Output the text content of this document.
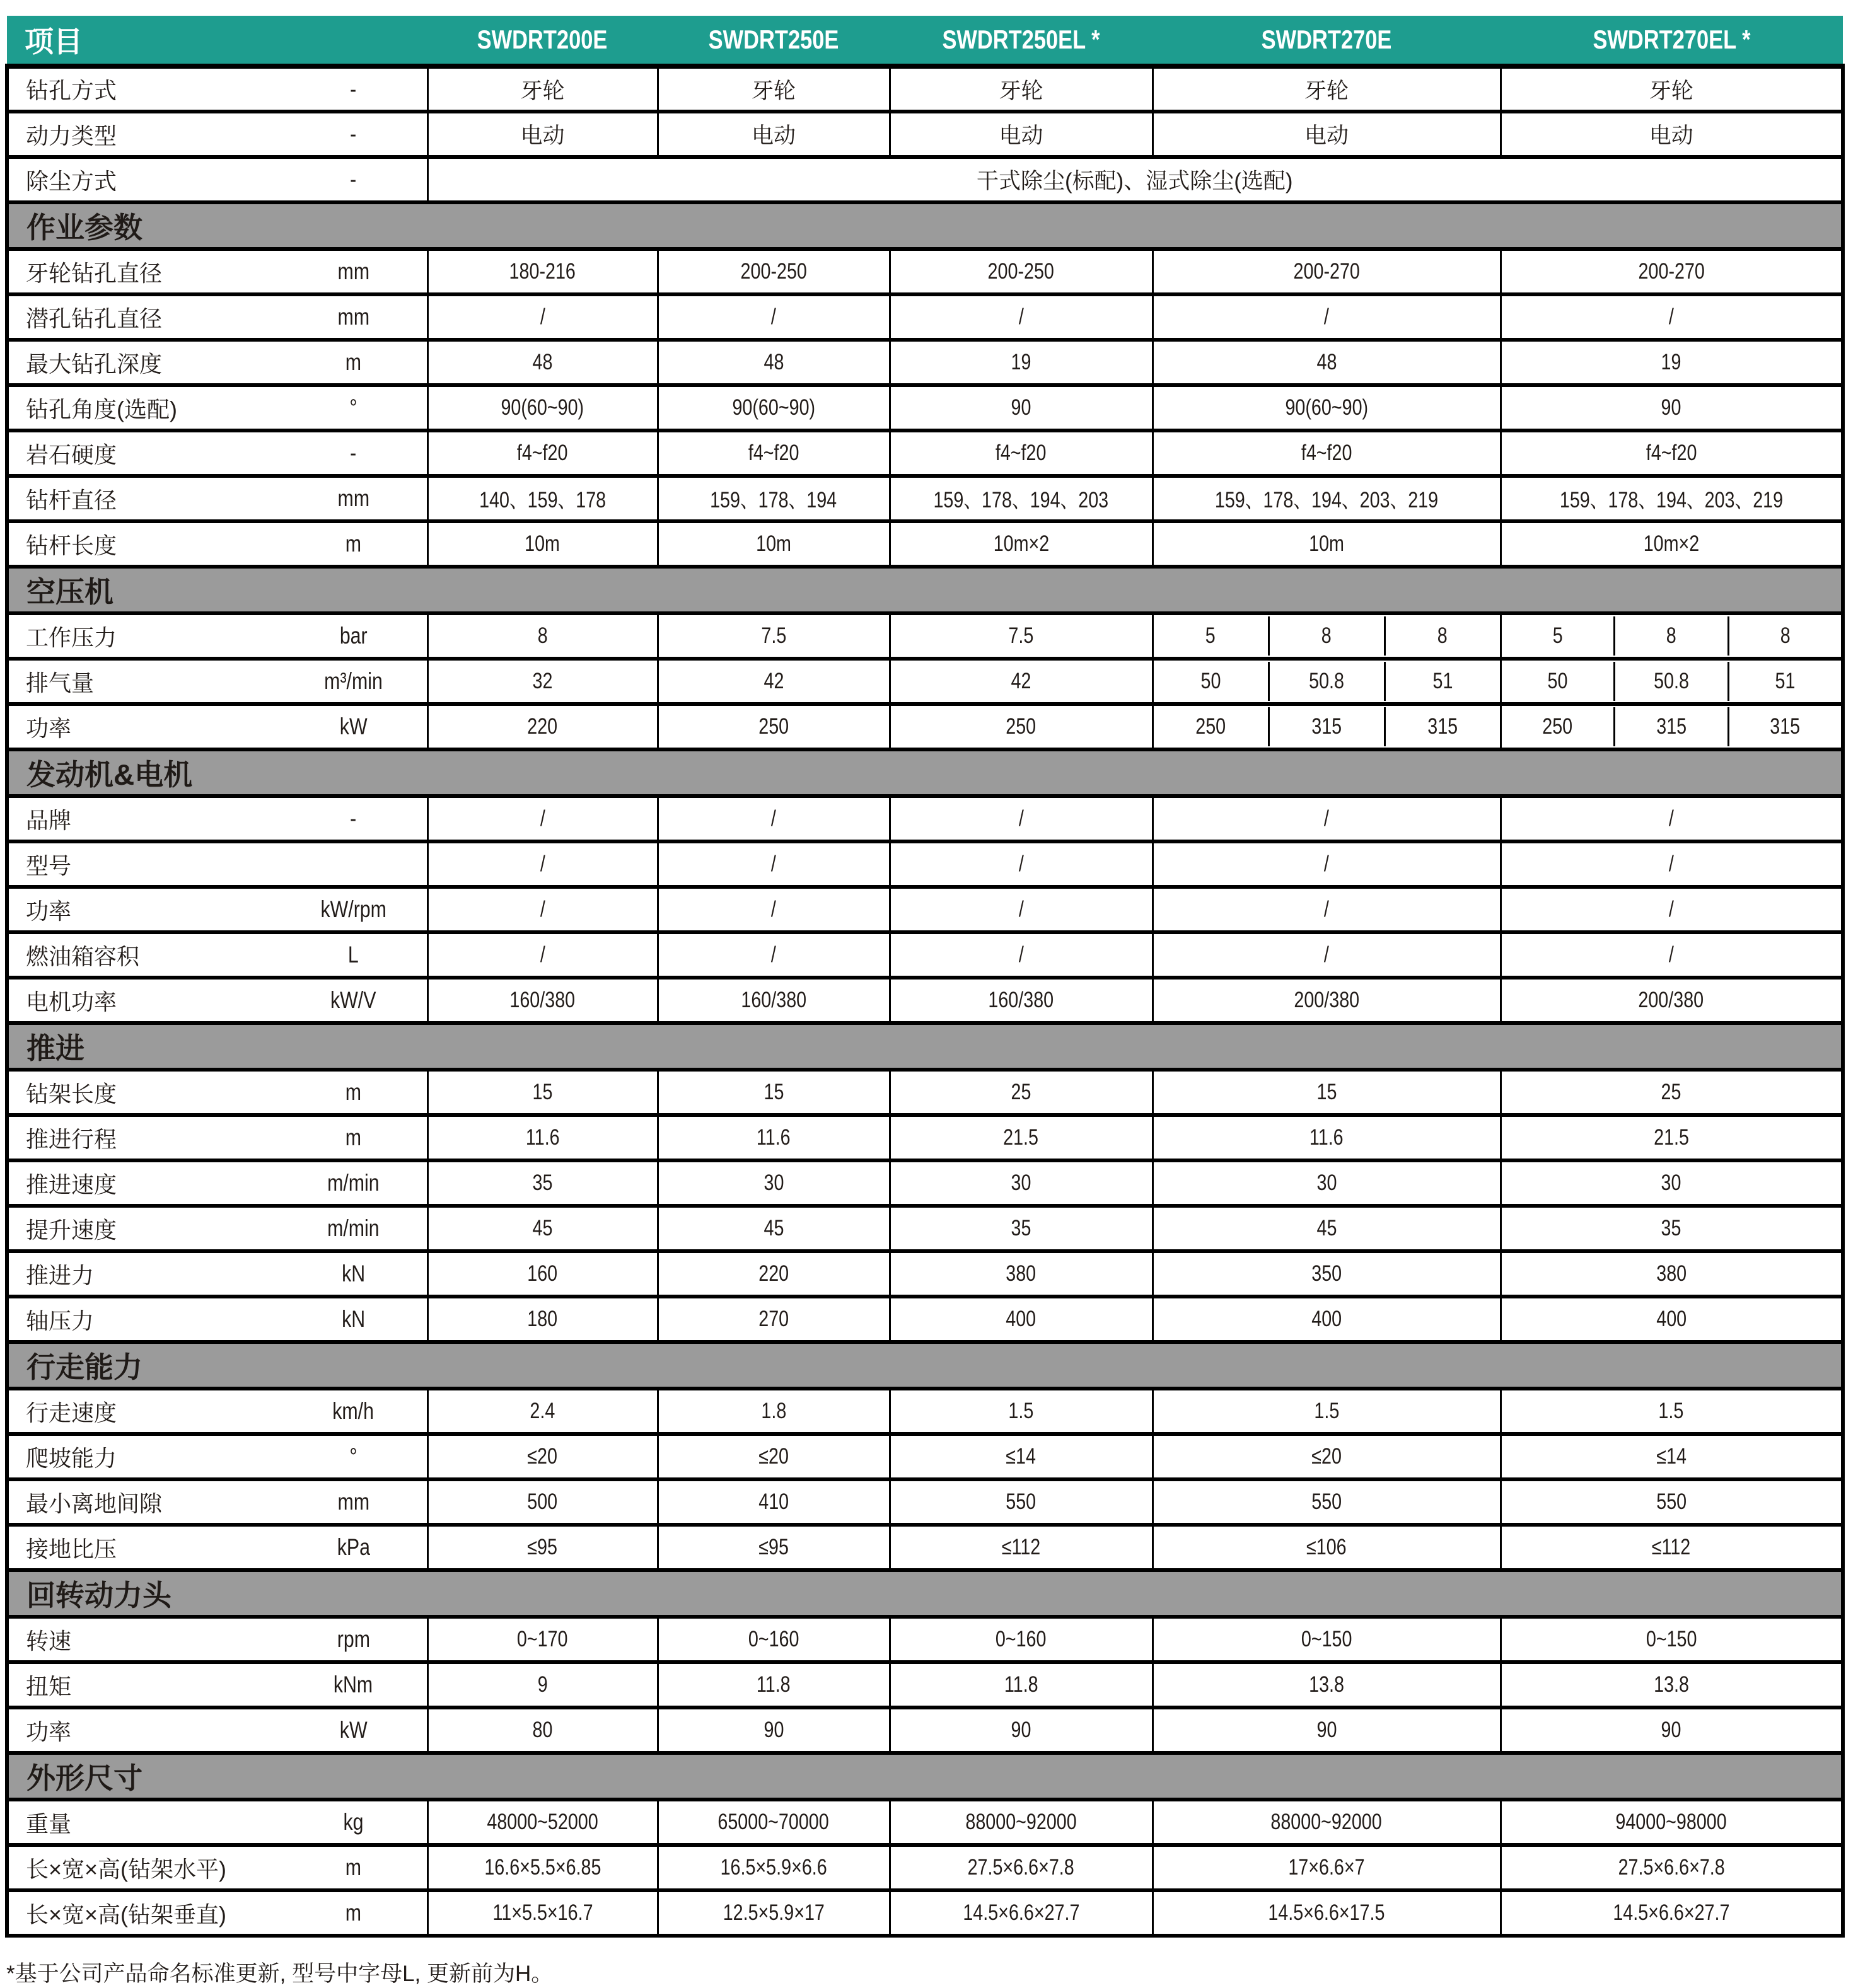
项目	SWDRT200E	SWDRT250E	SWDRT250EL *	SWDRT270E	SWDRT270EL *

钻孔方式 -	牙轮	牙轮	牙轮	牙轮	牙轮

动力类型 -	电动	电动	电动	电动	电动

除尘方式 -	干式除尘(标配)、湿式除尘(选配)				
作业参数					

牙轮钻孔直径 mm	180-216	200-250	200-250	200-270	200-270

潜孔钻孔直径 mm	/	/	/	/	/

最大钻孔深度 m	48	48	19	48	19

钻孔角度(选配) °	90(60~90)	90(60~90)	90	90(60~90)	90

岩石硬度 -	f4~f20	f4~f20	f4~f20	f4~f20	f4~f20

钻杆直径 mm	140、159、178	159、178、194	159、178、194、203	159、178、194、203、219	159、178、194、203、219

钻杆长度 m	10m	10m	10m×2	10m	10m×2
空压机					

工作压力	bar	8	7.5	7.5	5	8	8	5	8	8

排气量	m³/min	32	42	42	50	50.8	51	50	50.8	51

功率	kW	220	250	250	250	315	315	250	315	315

发动机&电机					

品牌 -	/	/	/	/	/

型号	/	/	/	/	/

功率 kW/rpm	/	/	/	/	/

燃油箱容积 L	/	/	/	/	/

电机功率 kW/V	160/380	160/380	160/380	200/380	200/380
推进					

钻架长度 m	15	15	25	15	25

推进行程 m	11.6	11.6	21.5	11.6	21.5

推进速度 m/min	35	30	30	30	30

提升速度 m/min	45	45	35	45	35

推进力 kN	160	220	380	350	380

轴压力 kN	180	270	400	400	400
行走能力					

行走速度 km/h	2.4	1.8	1.5	1.5	1.5

爬坡能力 °	≤20	≤20	≤14	≤20	≤14

最小离地间隙 mm	500	410	550	550	550

接地比压 kPa	≤95	≤95	≤112	≤106	≤112
回转动力头					

转速 rpm	0~170	0~160	0~160	0~150	0~150

扭矩 kNm	9	11.8	11.8	13.8	13.8

功率 kW	80	90	90	90	90
外形尺寸					

重量 kg	48000~52000	65000~70000	88000~92000	88000~92000	94000~98000

长×宽×高(钻架水平) m	16.6×5.5×6.85	16.5×5.9×6.6	27.5×6.6×7.8	17×6.6×7	27.5×6.6×7.8

长×宽×高(钻架垂直) m	11×5.5×16.7	12.5×5.9×17	14.5×6.6×27.7	14.5×6.6×17.5	14.5×6.6×27.7
*基于公司产品命名标准更新, 型号中字母L, 更新前为H。
